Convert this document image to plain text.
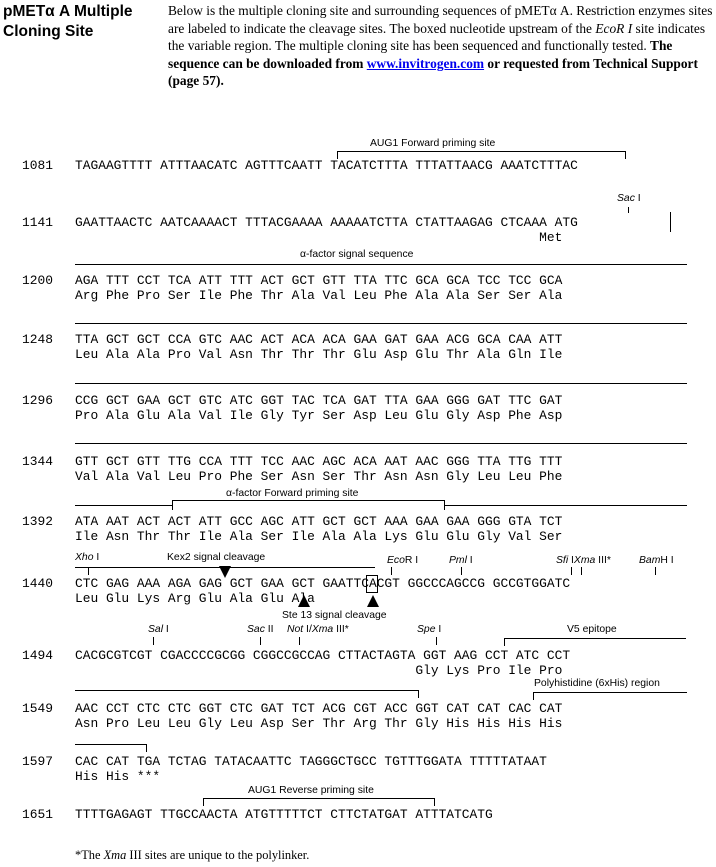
pMETα A Multiple Cloning Site
Below is the multiple cloning site and surrounding sequences of pMETα A. Restriction enzymes sites are labeled to indicate the cleavage sites. The boxed nucleotide upstream of the EcoR I site indicates the variable region. The multiple cloning site has been sequenced and functionally tested. The sequence can be downloaded from www.invitrogen.com or requested from Technical Support (page 57).
1081 TAGAAGTTTT ATTTAACATC AGTTTCAATT TACATCTTTA TTTATTAACG AAATCTTTAC
AUG1 Forward priming site
Sac I
1141 GAATTAACTC AATCAAAACT TTTACGAAAA AAAAATCTTA CTATTAAGAG CTCAAA ATG
Met
α-factor signal sequence
1200 AGA TTT CCT TCA ATT TTT ACT GCT GTT TTA TTC GCA GCA TCC TCC GCA
Arg Phe Pro Ser Ile Phe Thr Ala Val Leu Phe Ala Ala Ser Ser Ala
1248 TTA GCT GCT CCA GTC AAC ACT ACA ACA GAA GAT GAA ACG GCA CAA ATT
Leu Ala Ala Pro Val Asn Thr Thr Thr Glu Asp Glu Thr Ala Gln Ile
1296 CCG GCT GAA GCT GTC ATC GGT TAC TCA GAT TTA GAA GGG GAT TTC GAT
Pro Ala Glu Ala Val Ile Gly Tyr Ser Asp Leu Glu Gly Asp Phe Asp
1344 GTT GCT GTT TTG CCA TTT TCC AAC AGC ACA AAT AAC GGG TTA TTG TTT
Val Ala Val Leu Pro Phe Ser Asn Ser Thr Asn Asn Gly Leu Leu Phe
α-factor Forward priming site
1392 ATA AAT ACT ACT ATT GCC AGC ATT GCT GCT AAA GAA GAA GGG GTA TCT
Ile Asn Thr Thr Ile Ala Ser Ile Ala Ala Lys Glu Glu Gly Val Ser
Xho I	Kex2 signal cleavage	EcoR I	Pml I	Sfi IXma III*	BamH I
1440 CTC GAG AAA AGA GAG GCT GAA GCT GAATTCACGT GGCCCAGCCG GCCGTGGATC
Leu Glu Lys Arg Glu Ala Glu Ala
Ste 13 signal cleavage
Sal I	Sac II Not I/Xma III*	Spe I	V5 epitope
1494 CACGCGTCGT CGACCCCGCGG CGGCCGCCAG CTTACTAGTA GGT AAG CCT ATC CCT
Gly Lys Pro Ile Pro
Polyhistidine (6xHis) region
1549 AAC CCT CTC CTC GGT CTC GAT TCT ACG CGT ACC GGT CAT CAT CAC CAT
Asn Pro Leu Leu Gly Leu Asp Ser Thr Arg Thr Gly His His His His
1597 CAC CAT TGA TCTAG TATACAATTC TAGGGCTGCC TGTTTGGATA TTTTTATAAT
His His ***
AUG1 Reverse priming site
1651 TTTTGAGAGT TTGCCAACTA ATGTTTTTCT CTTCTATGAT ATTTATCATG
*The Xma III sites are unique to the polylinker.
